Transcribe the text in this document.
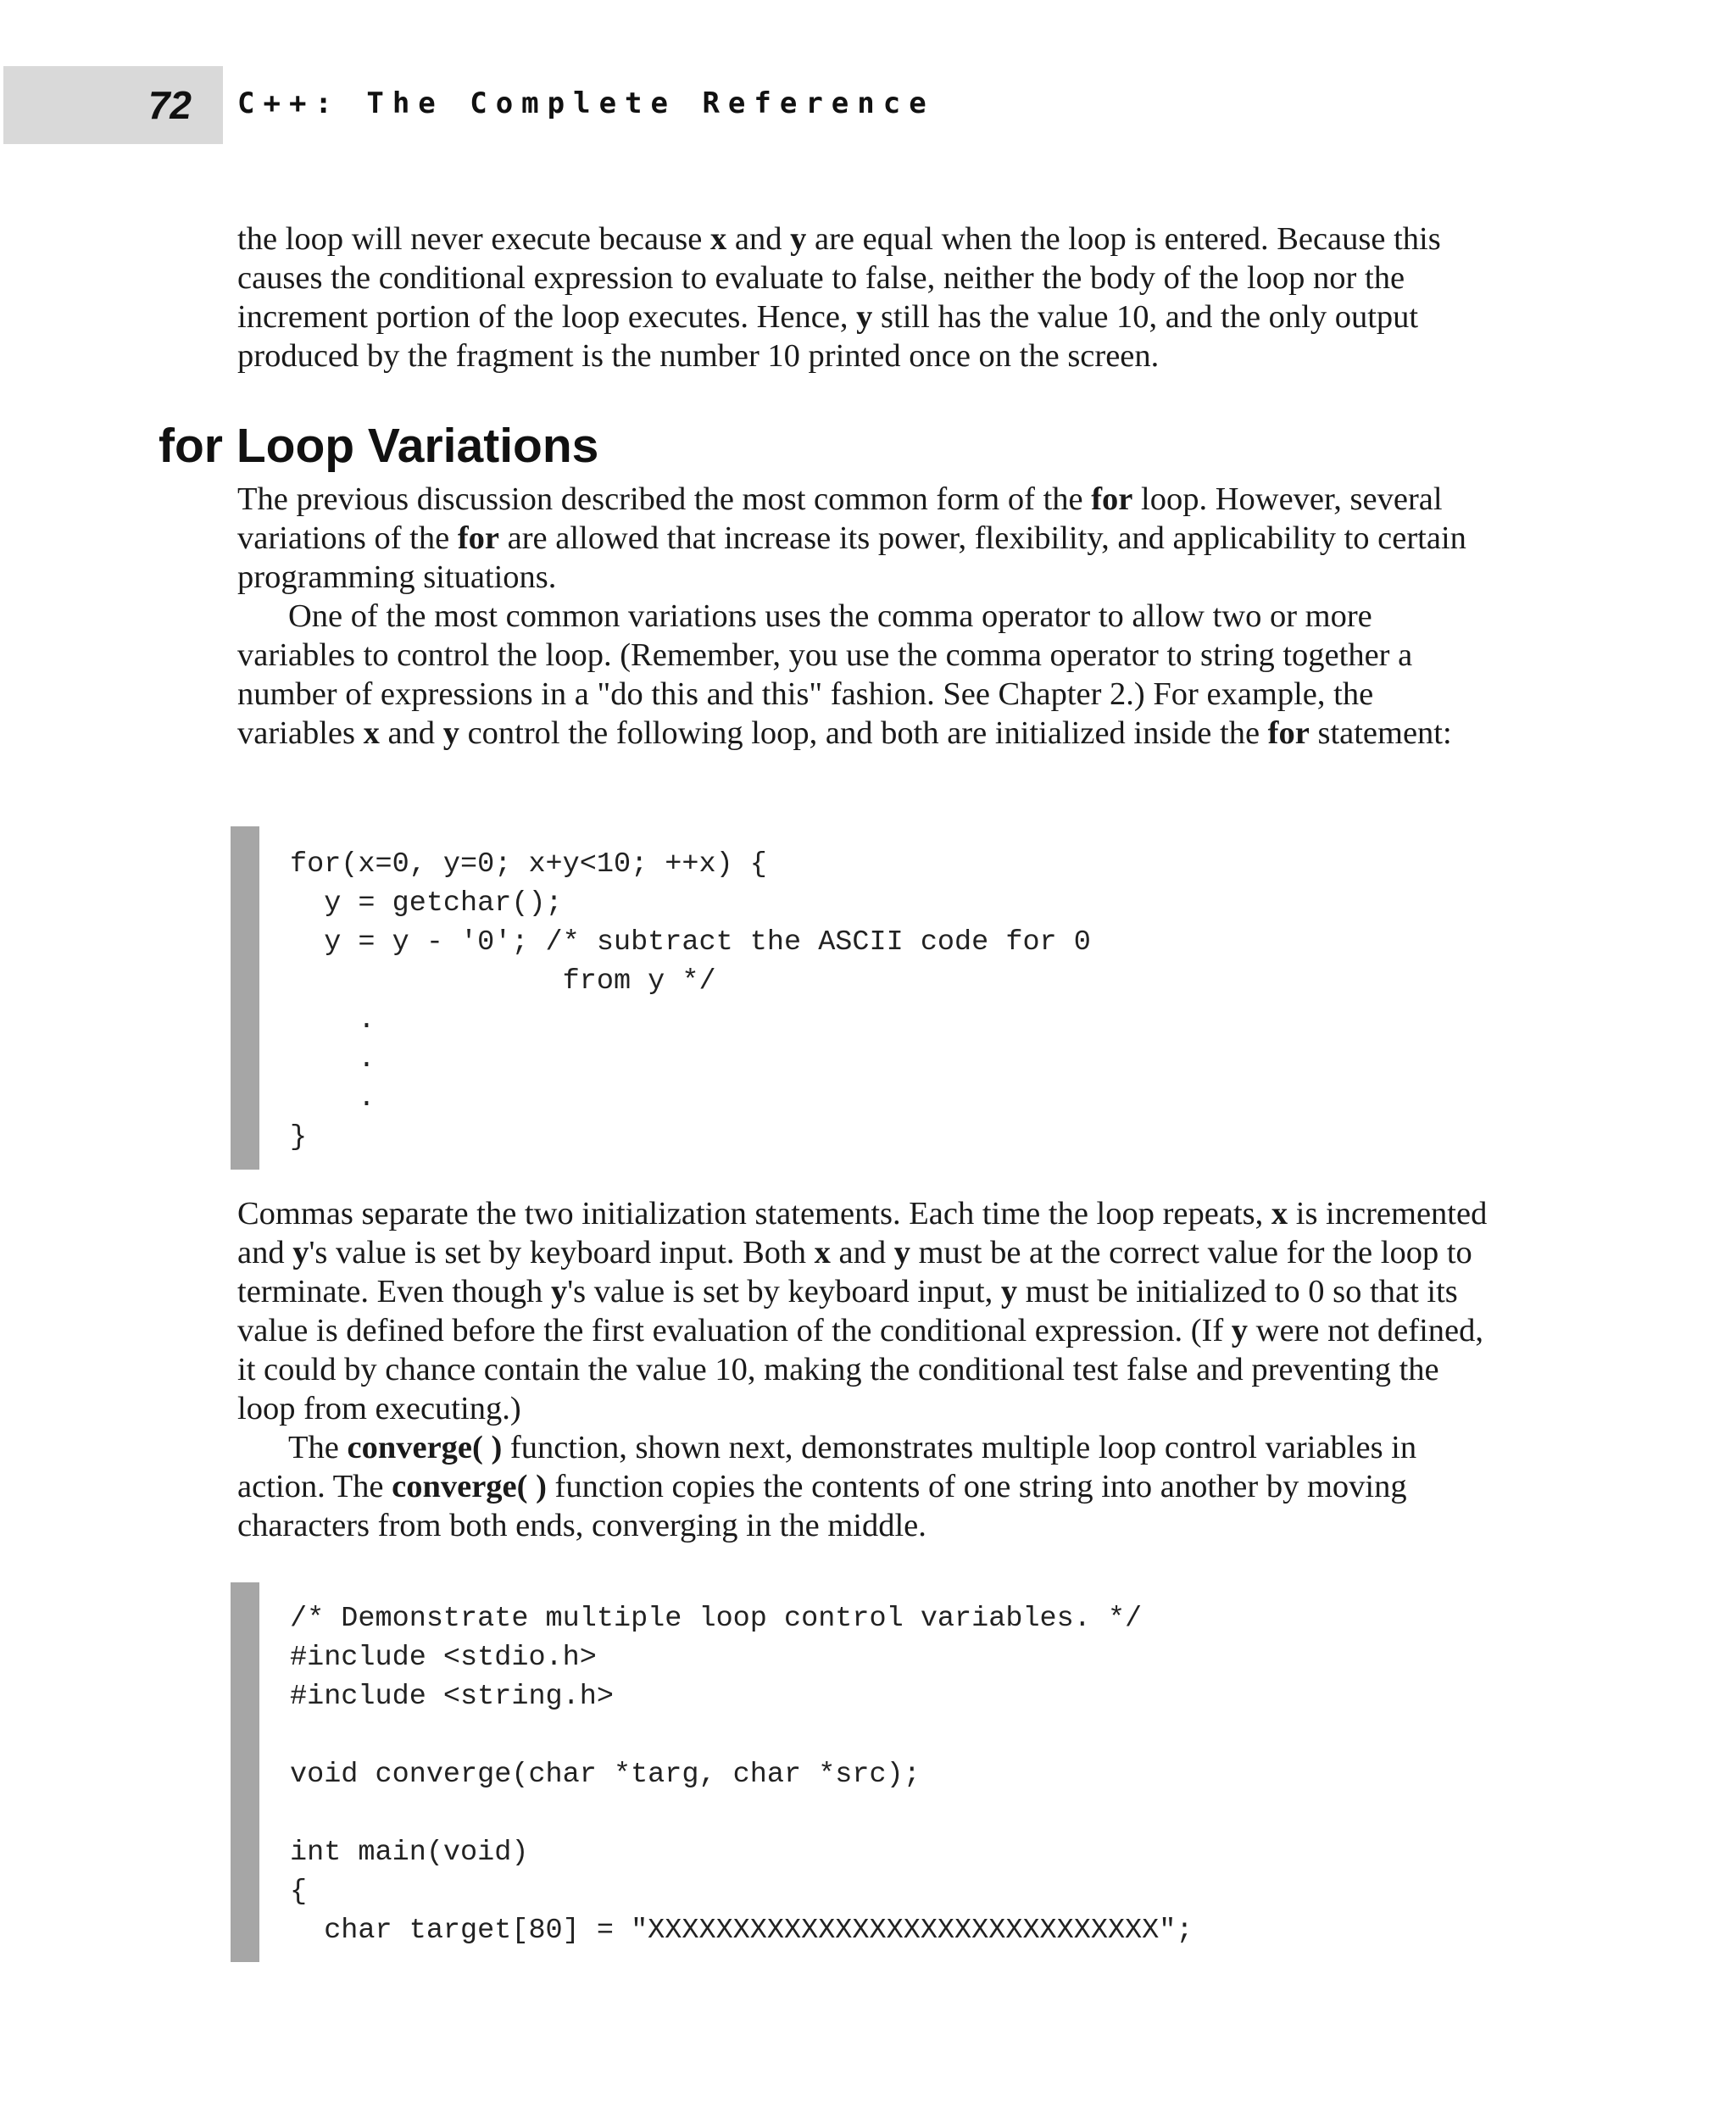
72 C++: The Complete Reference

the loop will never execute because x and y are equal when the loop is entered. Because this causes the conditional expression to evaluate to false, neither the body of the loop nor the increment portion of the loop executes. Hence, y still has the value 10, and the only output produced by the fragment is the number 10 printed once on the screen.

for Loop Variations

The previous discussion described the most common form of the for loop. However, several variations of the for are allowed that increase its power, flexibility, and applicability to certain programming situations.

One of the most common variations uses the comma operator to allow two or more variables to control the loop. (Remember, you use the comma operator to string together a number of expressions in a "do this and this" fashion. See Chapter 2.) For example, the variables x and y control the following loop, and both are initialized inside the for statement:

for(x=0, y=0; x+y<10; ++x) {
y = getchar();
y = y - '0'; /* subtract the ASCII code for 0
from y */
.
.
.
}

Commas separate the two initialization statements. Each time the loop repeats, x is incremented and y's value is set by keyboard input. Both x and y must be at the correct value for the loop to terminate. Even though y's value is set by keyboard input, y must be initialized to 0 so that its value is defined before the first evaluation of the conditional expression. (If y were not defined, it could by chance contain the value 10, making the conditional test false and preventing the loop from executing.)

The converge( ) function, shown next, demonstrates multiple loop control variables in action. The converge( ) function copies the contents of one string into another by moving characters from both ends, converging in the middle.

/* Demonstrate multiple loop control variables. */
#include <stdio.h>
#include <string.h>
void converge(char *targ, char *src);
int main(void)
{
char target[80] = "XXXXXXXXXXXXXXXXXXXXXXXXXXXXXX";
